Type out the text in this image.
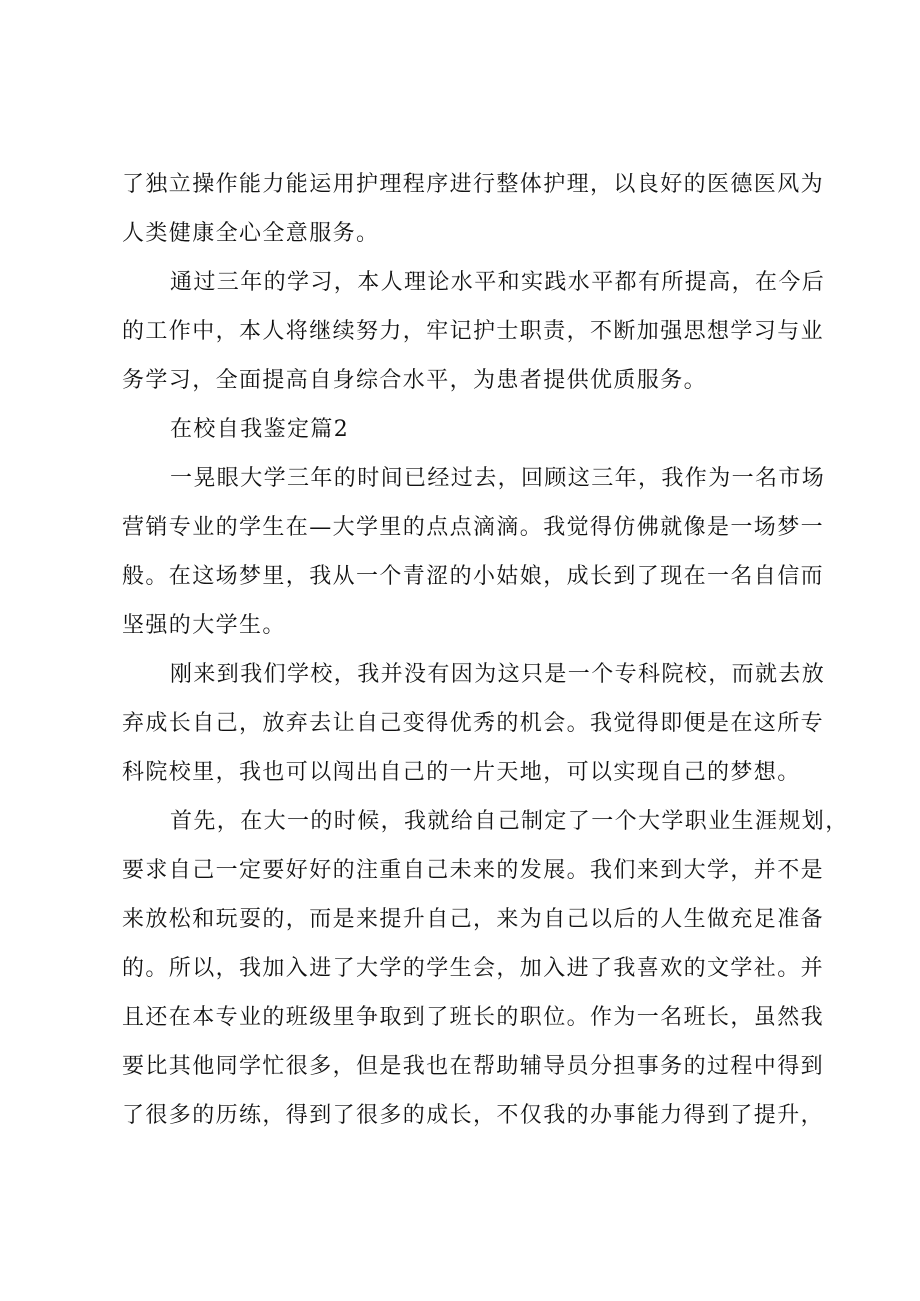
了独立操作能力能运用护理程序进行整体护理，以良好的医德医风为
人类健康全心全意服务。
通过三年的学习，本人理论水平和实践水平都有所提高，在今后
的工作中，本人将继续努力，牢记护士职责，不断加强思想学习与业
务学习，全面提高自身综合水平，为患者提供优质服务。
在校自我鉴定篇2
一晃眼大学三年的时间已经过去，回顾这三年，我作为一名市场
营销专业的学生在—大学里的点点滴滴。我觉得仿佛就像是一场梦一
般。在这场梦里，我从一个青涩的小姑娘，成长到了现在一名自信而
坚强的大学生。
刚来到我们学校，我并没有因为这只是一个专科院校，而就去放
弃成长自己，放弃去让自己变得优秀的机会。我觉得即便是在这所专
科院校里，我也可以闯出自己的一片天地，可以实现自己的梦想。
首先，在大一的时候，我就给自己制定了一个大学职业生涯规划，
要求自己一定要好好的注重自己未来的发展。我们来到大学，并不是
来放松和玩耍的，而是来提升自己，来为自己以后的人生做充足准备
的。所以，我加入进了大学的学生会，加入进了我喜欢的文学社。并
且还在本专业的班级里争取到了班长的职位。作为一名班长，虽然我
要比其他同学忙很多，但是我也在帮助辅导员分担事务的过程中得到
了很多的历练，得到了很多的成长，不仅我的办事能力得到了提升，
